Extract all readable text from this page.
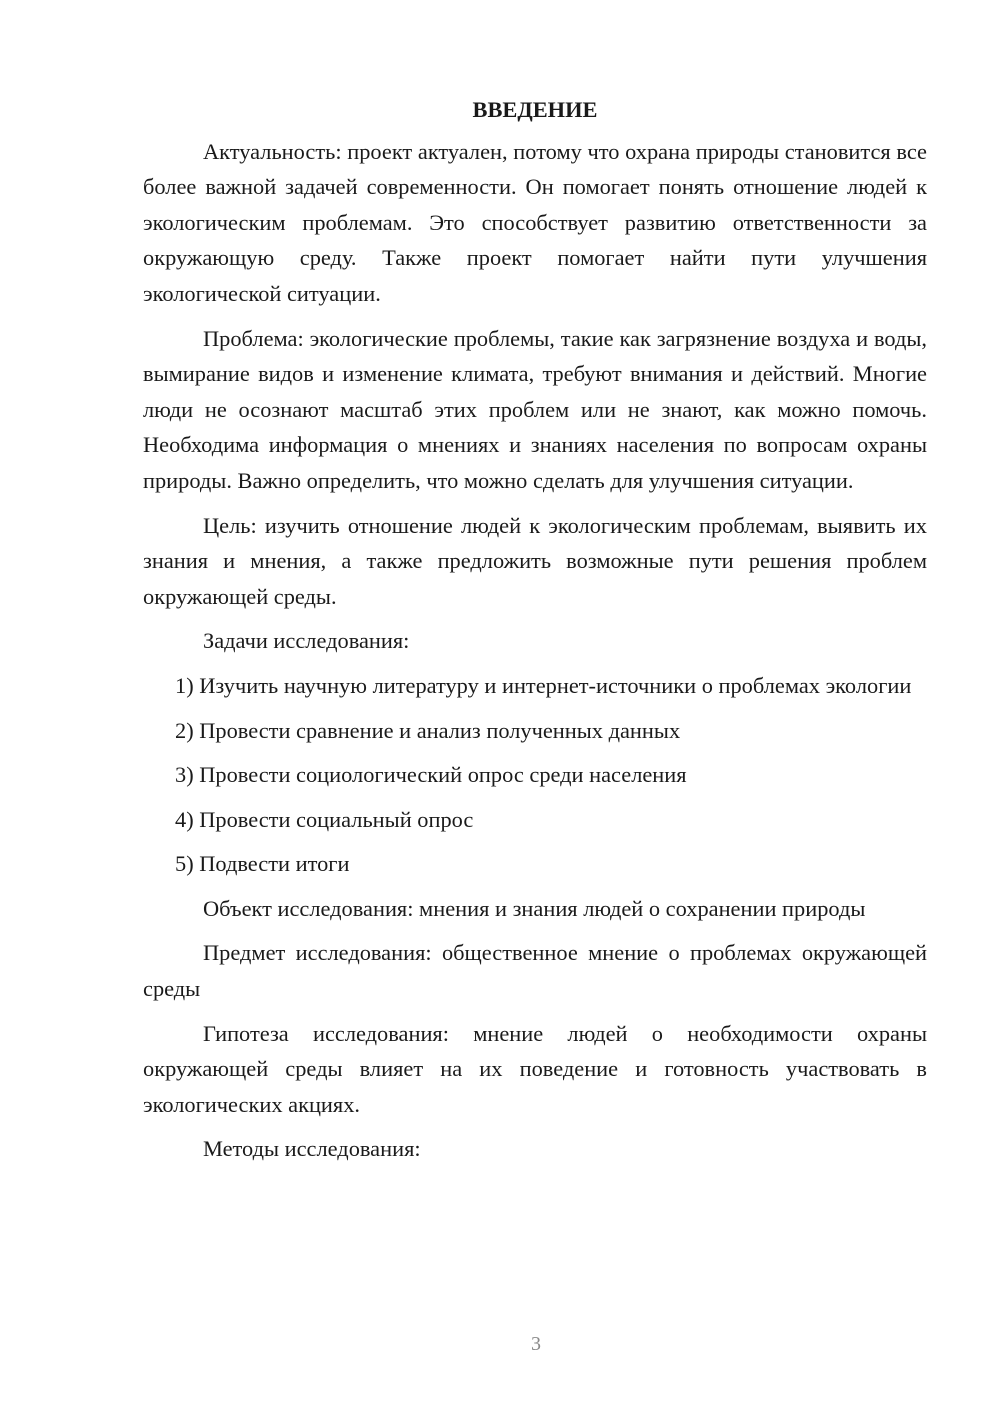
ВВЕДЕНИЕ

Актуальность: проект актуален, потому что охрана природы становится все более важной задачей современности. Он помогает понять отношение людей к экологическим проблемам. Это способствует развитию ответственности за окружающую среду. Также проект помогает найти пути улучшения экологической ситуации.

Проблема: экологические проблемы, такие как загрязнение воздуха и воды, вымирание видов и изменение климата, требуют внимания и действий. Многие люди не осознают масштаб этих проблем или не знают, как можно помочь. Необходима информация о мнениях и знаниях населения по вопросам охраны природы. Важно определить, что можно сделать для улучшения ситуации.

Цель: изучить отношение людей к экологическим проблемам, выявить их знания и мнения, а также предложить возможные пути решения проблем окружающей среды.

Задачи исследования:

1) Изучить научную литературу и интернет-источники о проблемах экологии

2) Провести сравнение и анализ полученных данных

3) Провести социологический опрос среди населения

4) Провести социальный опрос

5) Подвести итоги

Объект исследования: мнения и знания людей о сохранении природы

Предмет исследования: общественное мнение о проблемах окружающей среды

Гипотеза исследования: мнение людей о необходимости охраны окружающей среды влияет на их поведение и готовность участвовать в экологических акциях.

Методы исследования:

3
